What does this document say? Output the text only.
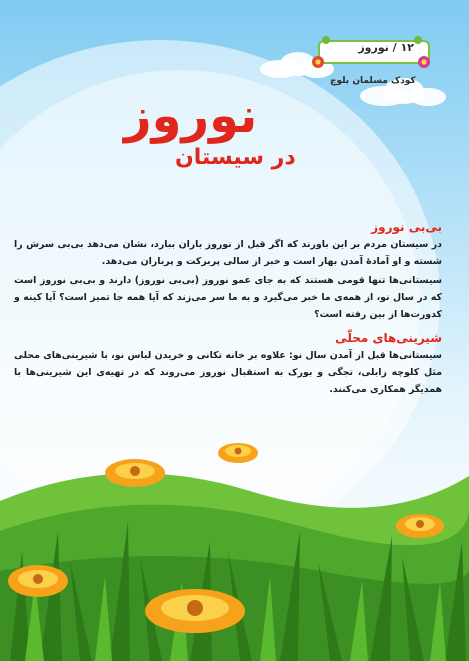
۱۲ / نوروز
کودک مسلمان بلوچ
نوروز
در سیستان
بی‌بی نوروز

در سیستان مردم بر این باورند که اگر قبل از نوروز باران ببارد، نشان می‌دهد بی‌بی سرش را شسته و او آمادۀ آمدن بهار است و خبر از سالی پربرکت و پرباران می‌دهد.

سیستانی‌ها تنها قومی هستند که به جای عمو نوروز (بی‌بی نوروز) دارند و بی‌بی نوروز است که در سال نو، از همه‌ی ما خبر می‌گیرد و به ما سر می‌زند که آیا همه جا تمیز است؟ آیا کینه و کدورت‌ها از بین رفته است؟

شیرینی‌های محلّی

سیستانی‌ها قبل از آمدن سال نو: علاوه بر خانه تکانی و خریدن لباس نو، با شیرینی‌های محلی مثل کلوچه زابلی، تجگی و بورک به استقبال نوروز می‌روند که در تهیه‌ی این شیرینی‌ها با همدیگر همکاری می‌کنند.
